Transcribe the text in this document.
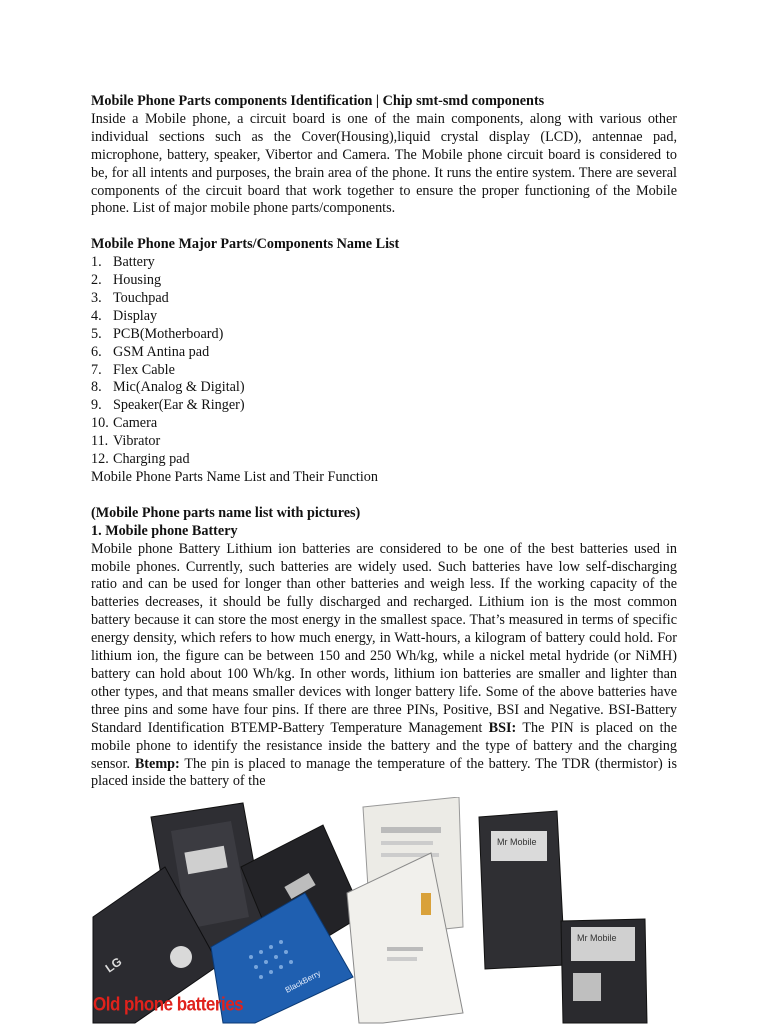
Mobile Phone Parts components Identification | Chip smt-smd components
Inside a Mobile phone, a circuit board is one of the main components, along with various other individual sections such as the Cover(Housing),liquid crystal display (LCD), antennae pad, microphone, battery, speaker, Vibertor and Camera. The Mobile phone circuit board is considered to be, for all intents and purposes, the brain area of the phone. It runs the entire system. There are several components of the circuit board that work together to ensure the proper functioning of the Mobile phone. List of major mobile phone parts/components.
Mobile Phone Major Parts/Components Name List
1. Battery
2. Housing
3. Touchpad
4. Display
5. PCB(Motherboard)
6. GSM Antina pad
7. Flex Cable
8. Mic(Analog & Digital)
9. Speaker(Ear & Ringer)
10. Camera
11. Vibrator
12. Charging pad
Mobile Phone Parts Name List and Their Function
(Mobile Phone parts name list with pictures)
1. Mobile phone Battery
Mobile phone Battery Lithium ion batteries are considered to be one of the best batteries used in mobile phones. Currently, such batteries are widely used. Such batteries have low self-discharging ratio and can be used for longer than other batteries and weigh less. If the working capacity of the batteries decreases, it should be fully discharged and recharged. Lithium ion is the most common battery because it can store the most energy in the smallest space. That’s measured in terms of specific energy density, which refers to how much energy, in Watt-hours, a kilogram of battery could hold. For lithium ion, the figure can be between 150 and 250 Wh/kg, while a nickel metal hydride (or NiMH) battery can hold about 100 Wh/kg. In other words, lithium ion batteries are smaller and lighter than other types, and that means smaller devices with longer battery life. Some of the above batteries have three pins and some have four pins. If there are three PINs, Positive, BSI and Negative. BSI-Battery Standard Identification BTEMP-Battery Temperature Management BSI: The PIN is placed on the mobile phone to identify the resistance inside the battery and the type of battery and the charging sensor. Btemp: The pin is placed to manage the temperature of the battery. The TDR (thermistor) is placed inside the battery of the
LG
BlackBerry
Mr Mobile
Mr Mobile
Old phone batteries
